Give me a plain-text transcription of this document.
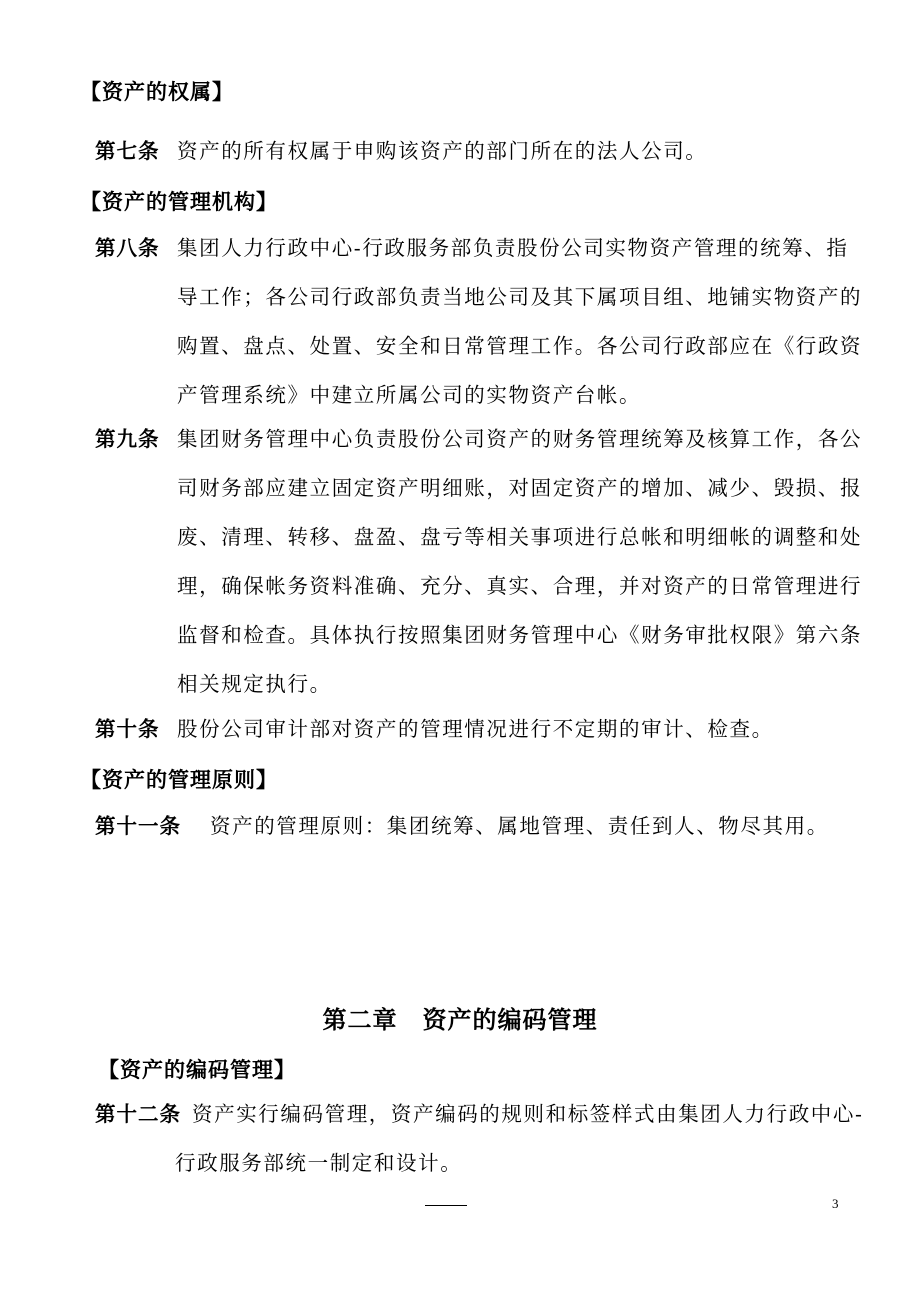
【资产的权属】
第七条 资产的所有权属于申购该资产的部门所在的法人公司。
【资产的管理机构】
第八条 集团人力行政中心-行政服务部负责股份公司实物资产管理的统筹、指
导工作；各公司行政部负责当地公司及其下属项目组、地铺实物资产的
购置、盘点、处置、安全和日常管理工作。各公司行政部应在《行政资
产管理系统》中建立所属公司的实物资产台帐。
第九条 集团财务管理中心负责股份公司资产的财务管理统筹及核算工作，各公
司财务部应建立固定资产明细账，对固定资产的增加、减少、毁损、报
废、清理、转移、盘盈、盘亏等相关事项进行总帐和明细帐的调整和处
理，确保帐务资料准确、充分、真实、合理，并对资产的日常管理进行
监督和检查。具体执行按照集团财务管理中心《财务审批权限》第六条
相关规定执行。
第十条 股份公司审计部对资产的管理情况进行不定期的审计、检查。
【资产的管理原则】
第十一条 资产的管理原则：集团统筹、属地管理、责任到人、物尽其用。
第二章　资产的编码管理
【资产的编码管理】
第十二条 资产实行编码管理，资产编码的规则和标签样式由集团人力行政中心-
行政服务部统一制定和设计。
3
